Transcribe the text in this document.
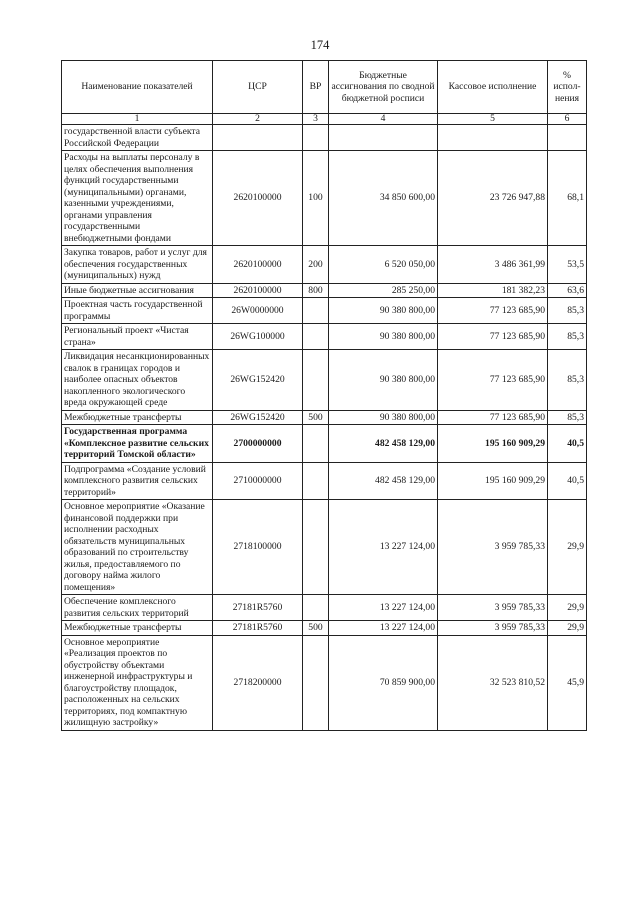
174
Наименование показателей	ЦСР	ВР	Бюджетные ассигнования по сводной бюджетной росписи	Кассовое исполнение	% испол-нения
1	2	3	4	5	6
государственной власти субъекта Российской Федерации					
Расходы на выплаты персоналу в целях обеспечения выполнения функций государственными (муниципальными) органами, казенными учреждениями, органами управления государственными внебюджетными фондами	2620100000	100	34 850 600,00	23 726 947,88	68,1
Закупка товаров, работ и услуг для обеспечения государственных (муниципальных) нужд	2620100000	200	6 520 050,00	3 486 361,99	53,5
Иные бюджетные ассигнования	2620100000	800	285 250,00	181 382,23	63,6
Проектная часть государственной программы	26W0000000		90 380 800,00	77 123 685,90	85,3
Региональный проект «Чистая страна»	26WG100000		90 380 800,00	77 123 685,90	85,3
Ликвидация несанкционированных свалок в границах городов и наиболее опасных объектов накопленного экологического вреда окружающей среде	26WG152420		90 380 800,00	77 123 685,90	85,3
Межбюджетные трансферты	26WG152420	500	90 380 800,00	77 123 685,90	85,3
Государственная программа «Комплексное развитие сельских территорий Томской области»	2700000000		482 458 129,00	195 160 909,29	40,5
Подпрограмма «Создание условий комплексного развития сельских территорий»	2710000000		482 458 129,00	195 160 909,29	40,5
Основное мероприятие «Оказание финансовой поддержки при исполнении расходных обязательств муниципальных образований по строительству жилья, предоставляемого по договору найма жилого помещения»	2718100000		13 227 124,00	3 959 785,33	29,9
Обеспечение комплексного развития сельских территорий	27181R5760		13 227 124,00	3 959 785,33	29,9
Межбюджетные трансферты	27181R5760	500	13 227 124,00	3 959 785,33	29,9
Основное мероприятие «Реализация проектов по обустройству объектами инженерной инфраструктуры и благоустройству площадок, расположенных на сельских территориях, под компактную жилищную застройку»	2718200000		70 859 900,00	32 523 810,52	45,9
